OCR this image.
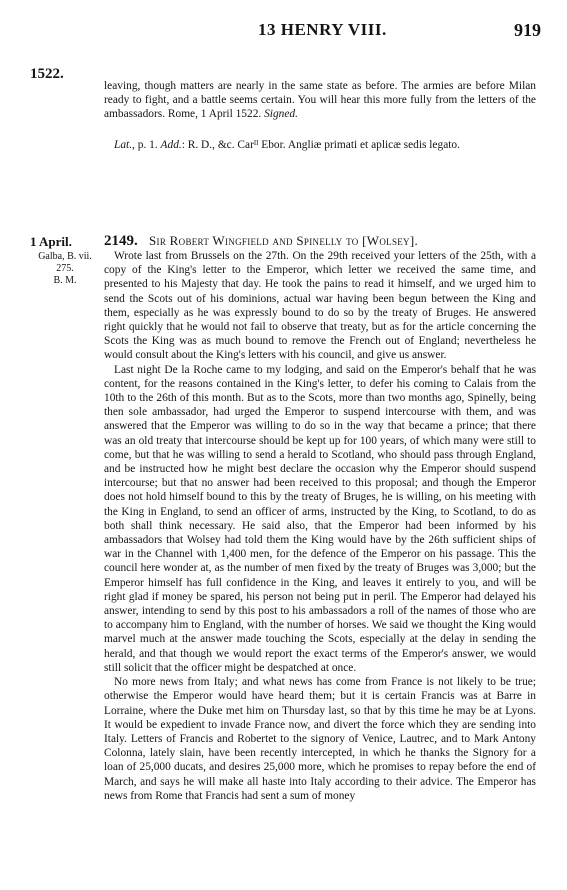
13 HENRY VIII.	919
1522.

leaving, though matters are nearly in the same state as before. The armies are before Milan ready to fight, and a battle seems certain. You will hear this more fully from the letters of the ambassadors. Rome, 1 April 1522. Signed.

Lat., p. 1. Add.: R. D., &c. Carᴵᴵ Ebor. Angliæ primati et aplicæ sedis legato.

1 April.
Galba, B. vii.
275.
B. M.
2149. Sir Robert Wingfield and Spinelly to [Wolsey].

Wrote last from Brussels on the 27th. On the 29th received your letters of the 25th, with a copy of the King's letter to the Emperor, which letter we received the same time, and presented to his Majesty that day. He took the pains to read it himself, and we urged him to send the Scots out of his dominions, actual war having been begun between the King and them, especially as he was expressly bound to do so by the treaty of Bruges. He answered right quickly that he would not fail to observe that treaty, but as for the article concerning the Scots the King was as much bound to remove the French out of England; nevertheless he would consult about the King's letters with his council, and give us answer.

Last night De la Roche came to my lodging, and said on the Emperor's behalf that he was content, for the reasons contained in the King's letter, to defer his coming to Calais from the 10th to the 26th of this month. But as to the Scots, more than two months ago, Spinelly, being then sole ambassador, had urged the Emperor to suspend intercourse with them, and was answered that the Emperor was willing to do so in the way that became a prince; that there was an old treaty that intercourse should be kept up for 100 years, of which many were still to come, but that he was willing to send a herald to Scotland, who should pass through England, and be instructed how he might best declare the occasion why the Emperor should suspend intercourse; but that no answer had been received to this proposal; and though the Emperor does not hold himself bound to this by the treaty of Bruges, he is willing, on his meeting with the King in England, to send an officer of arms, instructed by the King, to Scotland, to do as both shall think necessary. He said also, that the Emperor had been informed by his ambassadors that Wolsey had told them the King would have by the 26th sufficient ships of war in the Channel with 1,400 men, for the defence of the Emperor on his passage. This the council here wonder at, as the number of men fixed by the treaty of Bruges was 3,000; but the Emperor himself has full confidence in the King, and leaves it entirely to you, and will be right glad if money be spared, his person not being put in peril. The Emperor had delayed his answer, intending to send by this post to his ambassadors a roll of the names of those who are to accompany him to England, with the number of horses. We said we thought the King would marvel much at the answer made touching the Scots, especially at the delay in sending the herald, and that though we would report the exact terms of the Emperor's answer, we would still solicit that the officer might be despatched at once.

No more news from Italy; and what news has come from France is not likely to be true; otherwise the Emperor would have heard them; but it is certain Francis was at Barre in Lorraine, where the Duke met him on Thursday last, so that by this time he may be at Lyons. It would be expedient to invade France now, and divert the force which they are sending into Italy. Letters of Francis and Robertet to the signory of Venice, Lautrec, and to Mark Antony Colonna, lately slain, have been recently intercepted, in which he thanks the Signory for a loan of 25,000 ducats, and desires 25,000 more, which he promises to repay before the end of March, and says he will make all haste into Italy according to their advice. The Emperor has news from Rome that Francis had sent a sum of money
